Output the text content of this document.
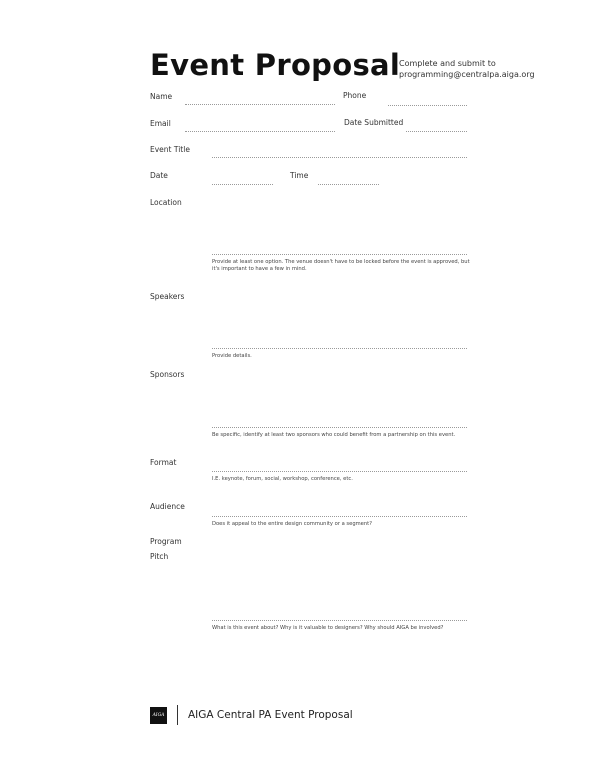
Event Proposal
Complete and submit to
programming@centralpa.aiga.org
Name	Phone
Email	Date Submitted
Event Title
Date	Time
Location
Provide at least one option. The venue doesn't have to be locked before the event is approved, but it's important to have a few in mind.
Speakers
Provide details.
Sponsors
Be specific, identify at least two sponsors who could benefit from a partnership on this event.
Format
I.E. keynote, forum, social, workshop, conference, etc.
Audience
Does it appeal to the entire design community or a segment?
Program
Pitch
What is this event about? Why is it valuable to designers? Why should AIGA be involved?
AIGA AIGA Central PA Event Proposal
